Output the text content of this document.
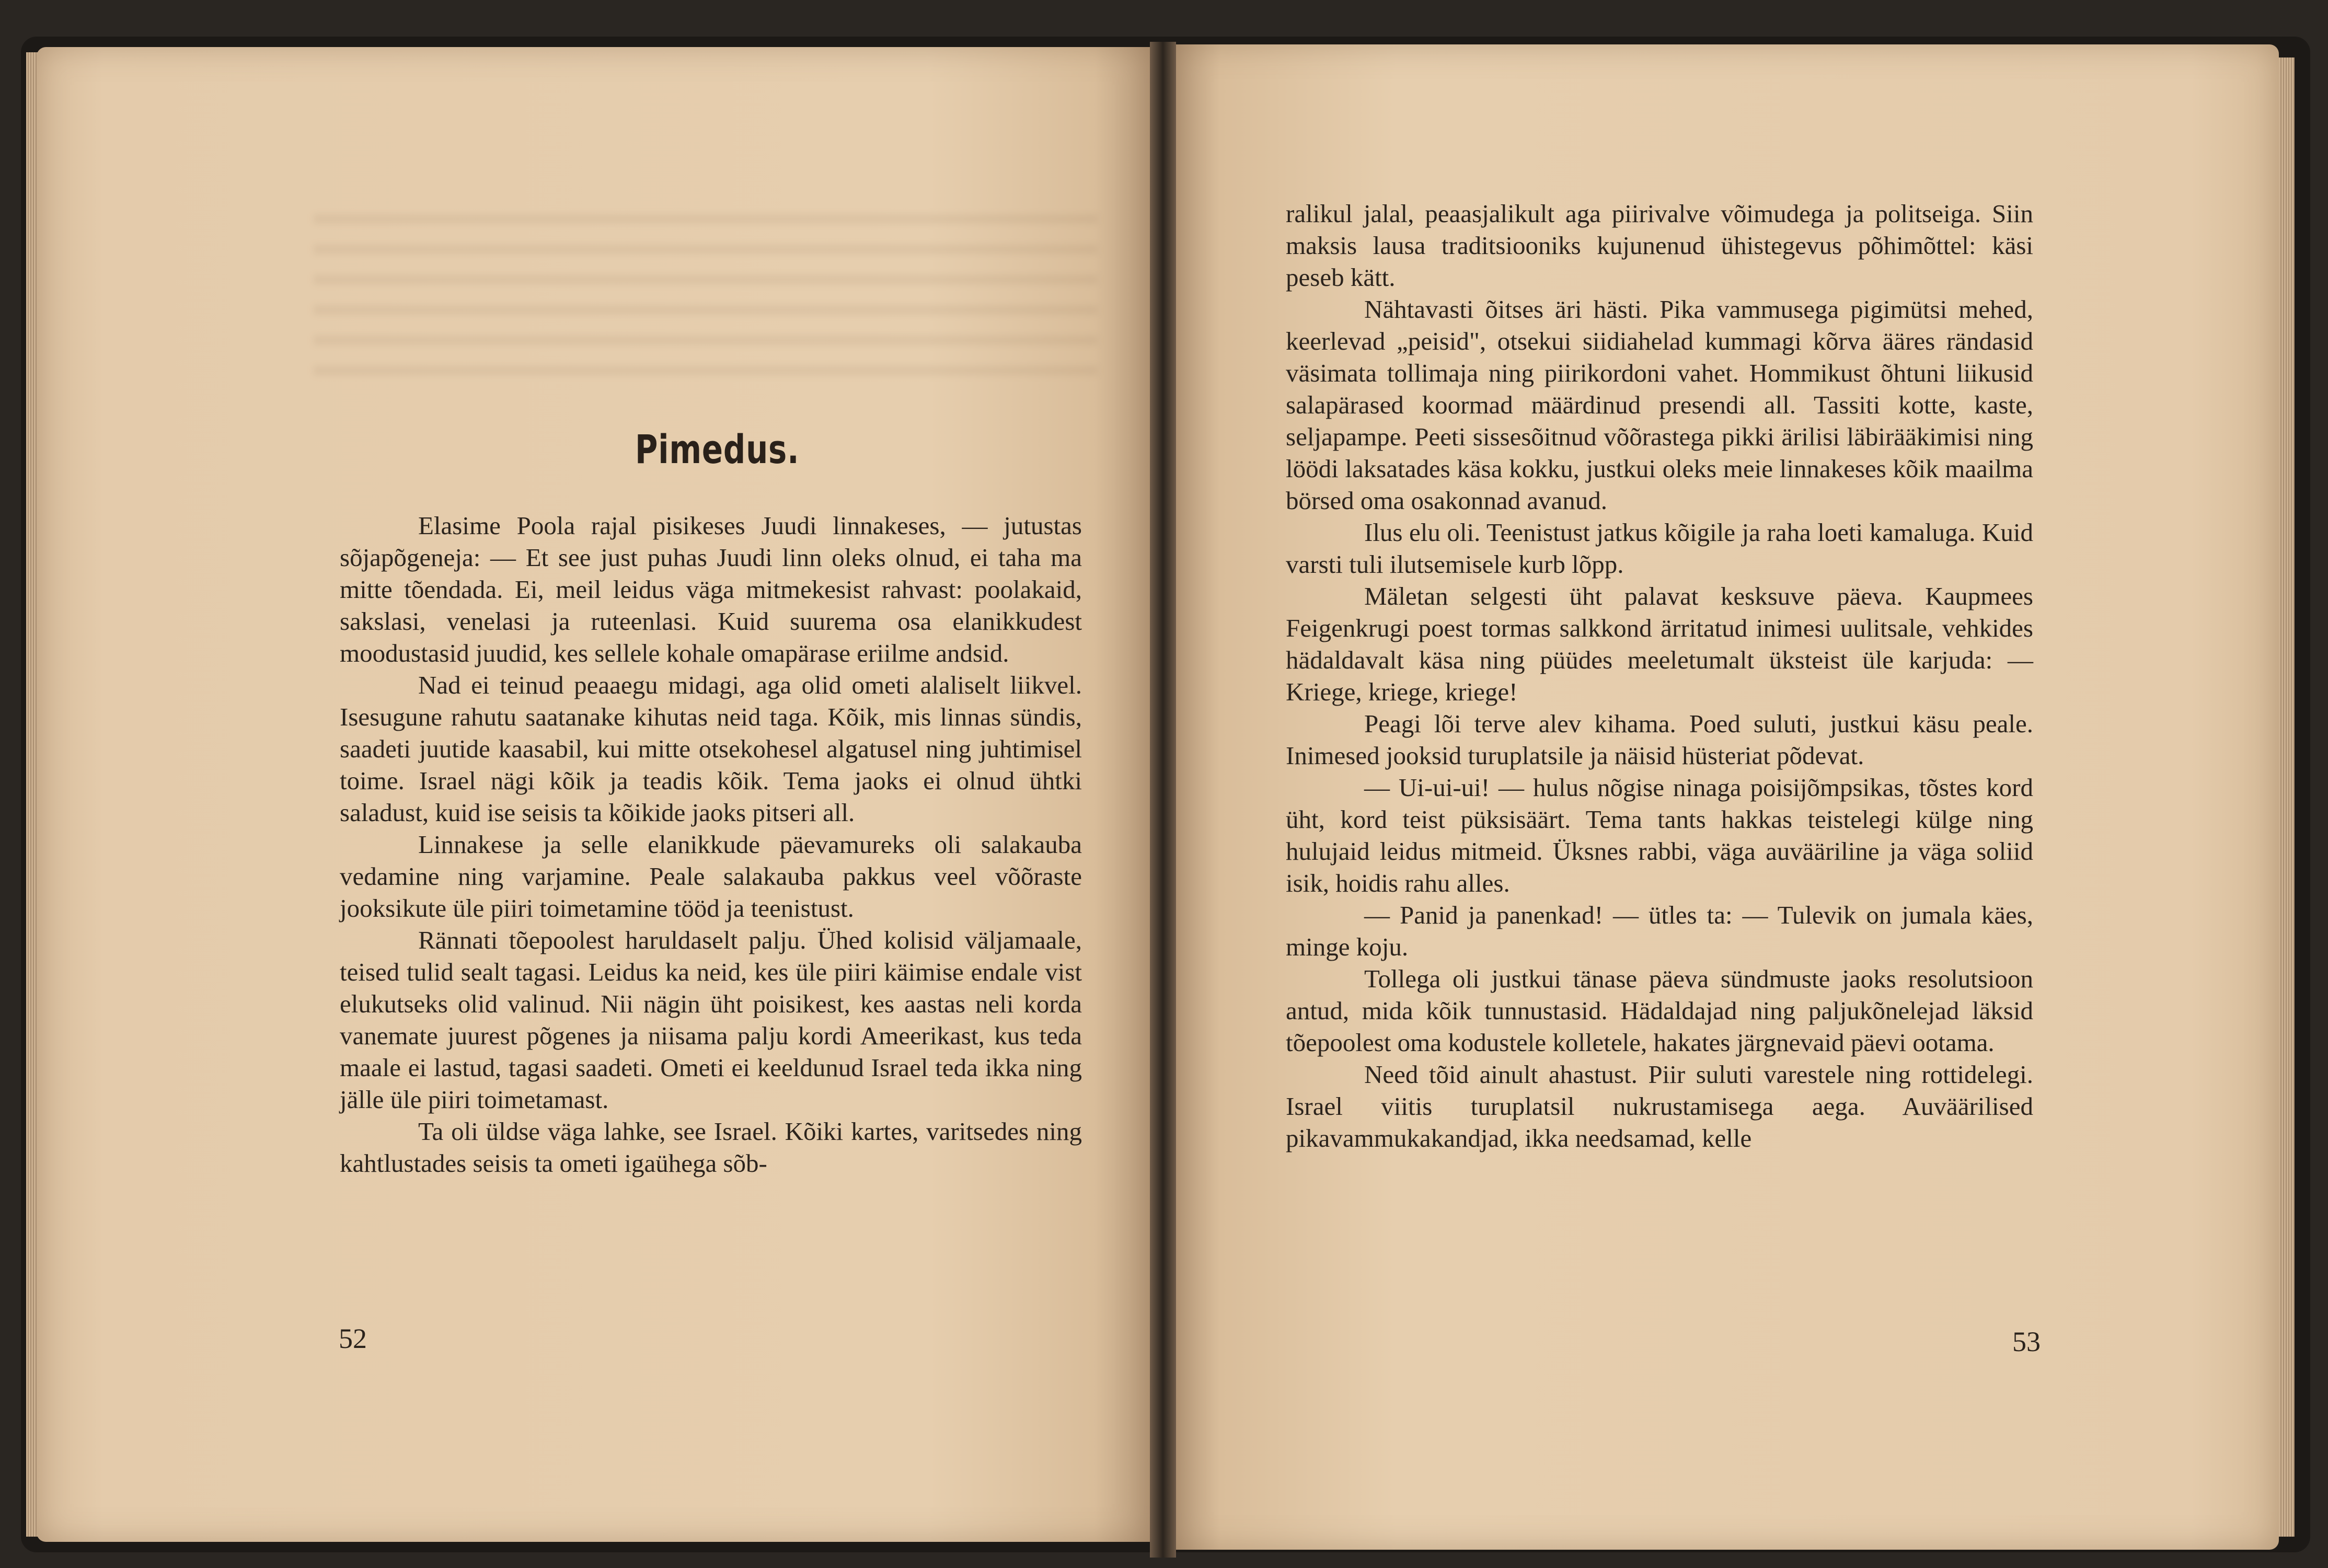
Pimedus.

Elasime Poola rajal pisikeses Juudi linnakeses, — jutustas sõjapõgeneja: — Et see just puhas Juudi linn oleks olnud, ei taha ma mitte tõendada. Ei, meil leidus väga mitmekesist rahvast: poolakaid, sakslasi, venelasi ja ruteenlasi. Kuid suurema osa elanikkudest moodustasid juudid, kes sellele kohale omapärase eriilme andsid.

Nad ei teinud peaaegu midagi, aga olid ometi alaliselt liikvel. Isesugune rahutu saatanake kihutas neid taga. Kõik, mis linnas sündis, saadeti juutide kaasabil, kui mitte otsekohesel algatusel ning juhtimisel toime. Israel nägi kõik ja teadis kõik. Tema jaoks ei olnud ühtki saladust, kuid ise seisis ta kõikide jaoks pitseri all.

Linnakese ja selle elanikkude päevamureks oli salakauba vedamine ning varjamine. Peale salakauba pakkus veel võõraste jooksikute üle piiri toimetamine tööd ja teenistust.

Rännati tõepoolest haruldaselt palju. Ühed kolisid väljamaale, teised tulid sealt tagasi. Leidus ka neid, kes üle piiri käimise endale vist elukutseks olid valinud. Nii nägin üht poisikest, kes aastas neli korda vanemate juurest põgenes ja niisama palju kordi Ameerikast, kus teda maale ei lastud, tagasi saadeti. Ometi ei keeldunud Israel teda ikka ning jälle üle piiri toimetamast.

Ta oli üldse väga lahke, see Israel. Kõiki kartes, varitsedes ning kahtlustades seisis ta ometi igaühega sõb-

52

ralikul jalal, peaasjalikult aga piirivalve võimudega ja politseiga. Siin maksis lausa traditsiooniks kujunenud ühistegevus põhimõttel: käsi peseb kätt.

Nähtavasti õitses äri hästi. Pika vammusega pigimütsi mehed, keerlevad „peisid", otsekui siidiahelad kummagi kõrva ääres rändasid väsimata tollimaja ning piirikordoni vahet. Hommikust õhtuni liikusid salapärased koormad määrdinud presendi all. Tassiti kotte, kaste, seljapampe. Peeti sissesõitnud võõrastega pikki ärilisi läbirääkimisi ning löödi laksatades käsa kokku, justkui oleks meie linnakeses kõik maailma börsed oma osakonnad avanud.

Ilus elu oli. Teenistust jatkus kõigile ja raha loeti kamaluga. Kuid varsti tuli ilutsemisele kurb lõpp.

Mäletan selgesti üht palavat kesksuve päeva. Kaupmees Feigenkrugi poest tormas salkkond ärritatud inimesi uulitsale, vehkides hädaldavalt käsa ning püüdes meeletumalt üksteist üle karjuda: — Kriege, kriege, kriege!

Peagi lõi terve alev kihama. Poed suluti, justkui käsu peale. Inimesed jooksid turuplatsile ja näisid hüsteriat põdevat.

— Ui-ui-ui! — hulus nõgise ninaga poisijõmpsikas, tõstes kord üht, kord teist püksisäärt. Tema tants hakkas teistelegi külge ning hulujaid leidus mitmeid. Üksnes rabbi, väga auvääriline ja väga soliid isik, hoidis rahu alles.

— Panid ja panenkad! — ütles ta: — Tulevik on jumala käes, minge koju.

Tollega oli justkui tänase päeva sündmuste jaoks resolutsioon antud, mida kõik tunnustasid. Hädaldajad ning paljukõnelejad läksid tõepoolest oma kodustele kolletele, hakates järgnevaid päevi ootama.

Need tõid ainult ahastust. Piir suluti varestele ning rottidelegi. Israel viitis turuplatsil nukrustamisega aega. Auväärilised pikavammukakandjad, ikka needsamad, kelle

53
